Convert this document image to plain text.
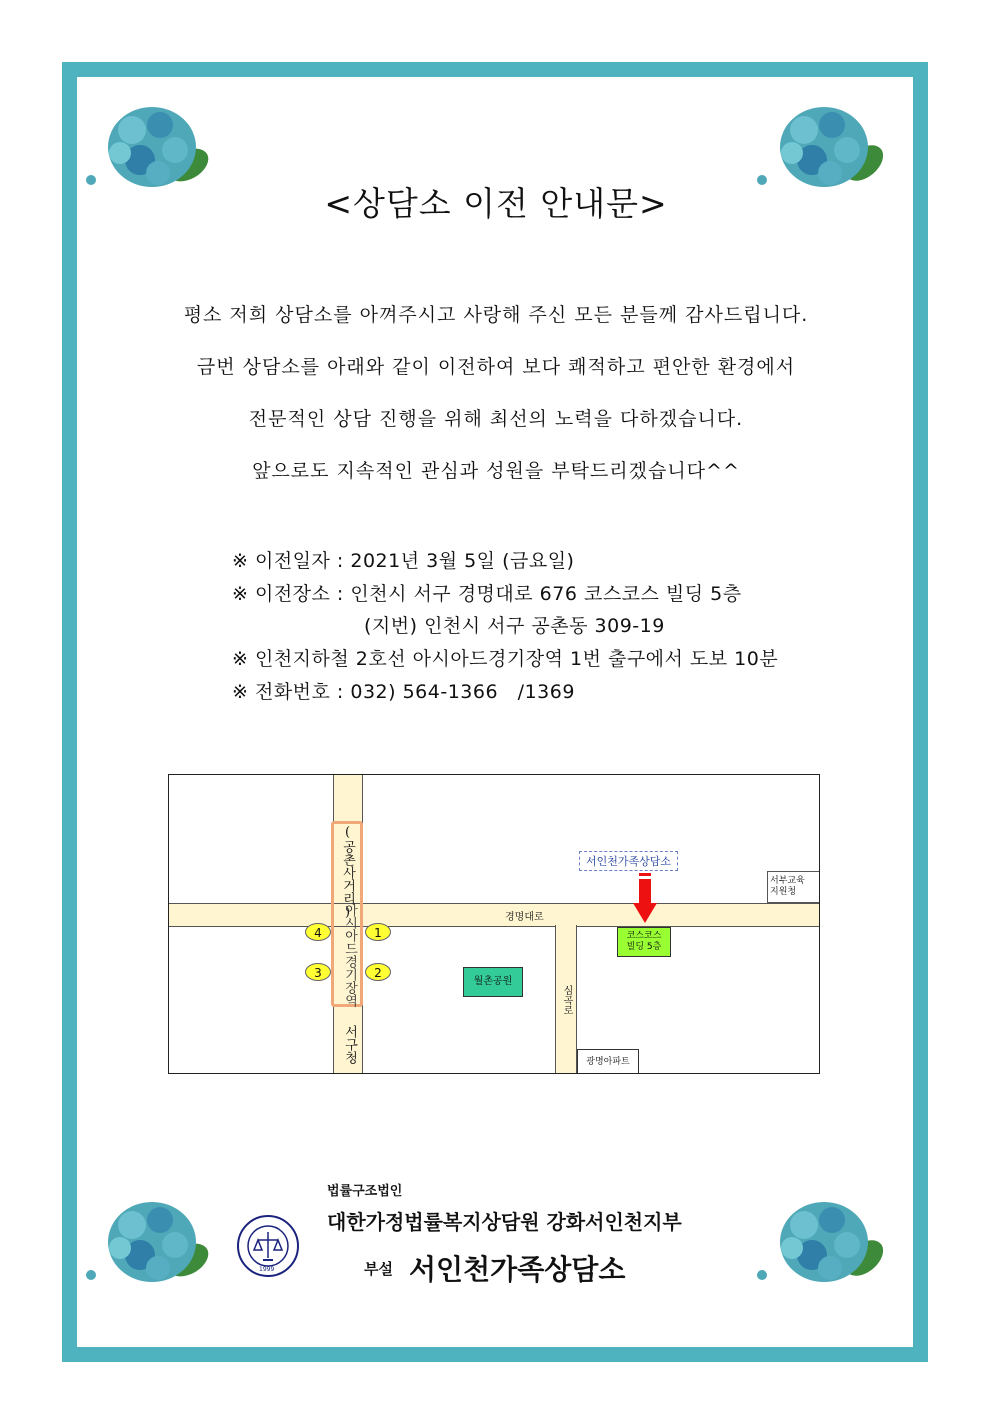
<상담소 이전 안내문>
평소 저희 상담소를 아껴주시고 사랑해 주신 모든 분들께 감사드립니다.
금번 상담소를 아래와 같이 이전하여 보다 쾌적하고 편안한 환경에서
전문적인 상담 진행을 위해 최선의 노력을 다하겠습니다.
앞으로도 지속적인 관심과 성원을 부탁드리겠습니다^^
※ 이전일자 : 2021년 3월 5일 (금요일)
※ 이전장소 : 인천시 서구 경명대로 676 코스코스 빌딩 5층
(지번) 인천시 서구 공촌동 309-19
※ 인천지하철 2호선 아시아드경기장역 1번 출구에서 도보 10분
※ 전화번호 : 032) 564-1366   /1369
(공촌사거리)
아시아드경기장역
서구청
4	1
3	2
경명대로
심곡로
서인천가족상담소
코스코스
빌딩 5층
서부교육
지원청
월촌공원
광명아파트
1999
법률구조법인
대한가정법률복지상담원 강화서인천지부
부설 서인천가족상담소
